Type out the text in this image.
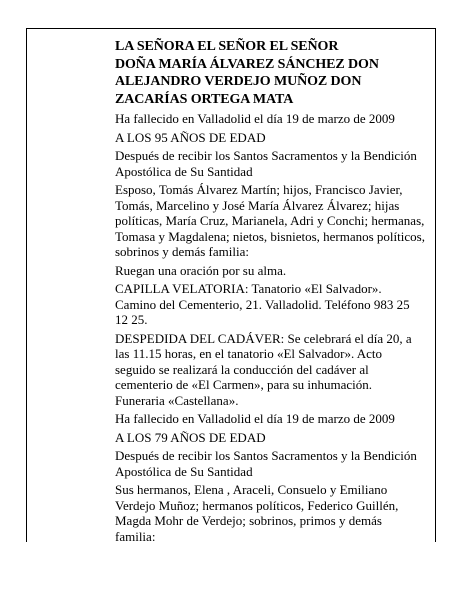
LA SEÑORA EL SEÑOR EL SEÑOR

DOÑA MARÍA ÁLVAREZ SÁNCHEZ DON

ALEJANDRO VERDEJO MUÑOZ DON

ZACARÍAS ORTEGA MATA

Ha fallecido en Valladolid el día 19 de marzo de 2009

A LOS 95 AÑOS DE EDAD

Después de recibir los Santos Sacramentos y la Bendición Apostólica de Su Santidad

Esposo, Tomás Álvarez Martín; hijos, Francisco Javier, Tomás, Marcelino y José María Álvarez Álvarez; hijas políticas, María Cruz, Marianela, Adri y Conchi; hermanas, Tomasa y Magdalena; nietos, bisnietos, hermanos políticos, sobrinos y demás familia:

Ruegan una oración por su alma.

CAPILLA VELATORIA: Tanatorio «El Salvador». Camino del Cementerio, 21. Valladolid. Teléfono 983 25 12 25.

DESPEDIDA DEL CADÁVER: Se celebrará el día 20, a las 11.15 horas, en el tanatorio «El Salvador». Acto seguido se realizará la conducción del cadáver al cementerio de «El Carmen», para su inhumación. Funeraria «Castellana».

Ha fallecido en Valladolid el día 19 de marzo de 2009

A LOS 79 AÑOS DE EDAD

Después de recibir los Santos Sacramentos y la Bendición Apostólica de Su Santidad

Sus hermanos, Elena , Araceli, Consuelo y Emiliano Verdejo Muñoz; hermanos políticos, Federico Guillén, Magda Mohr de Verdejo; sobrinos, primos y demás familia:
